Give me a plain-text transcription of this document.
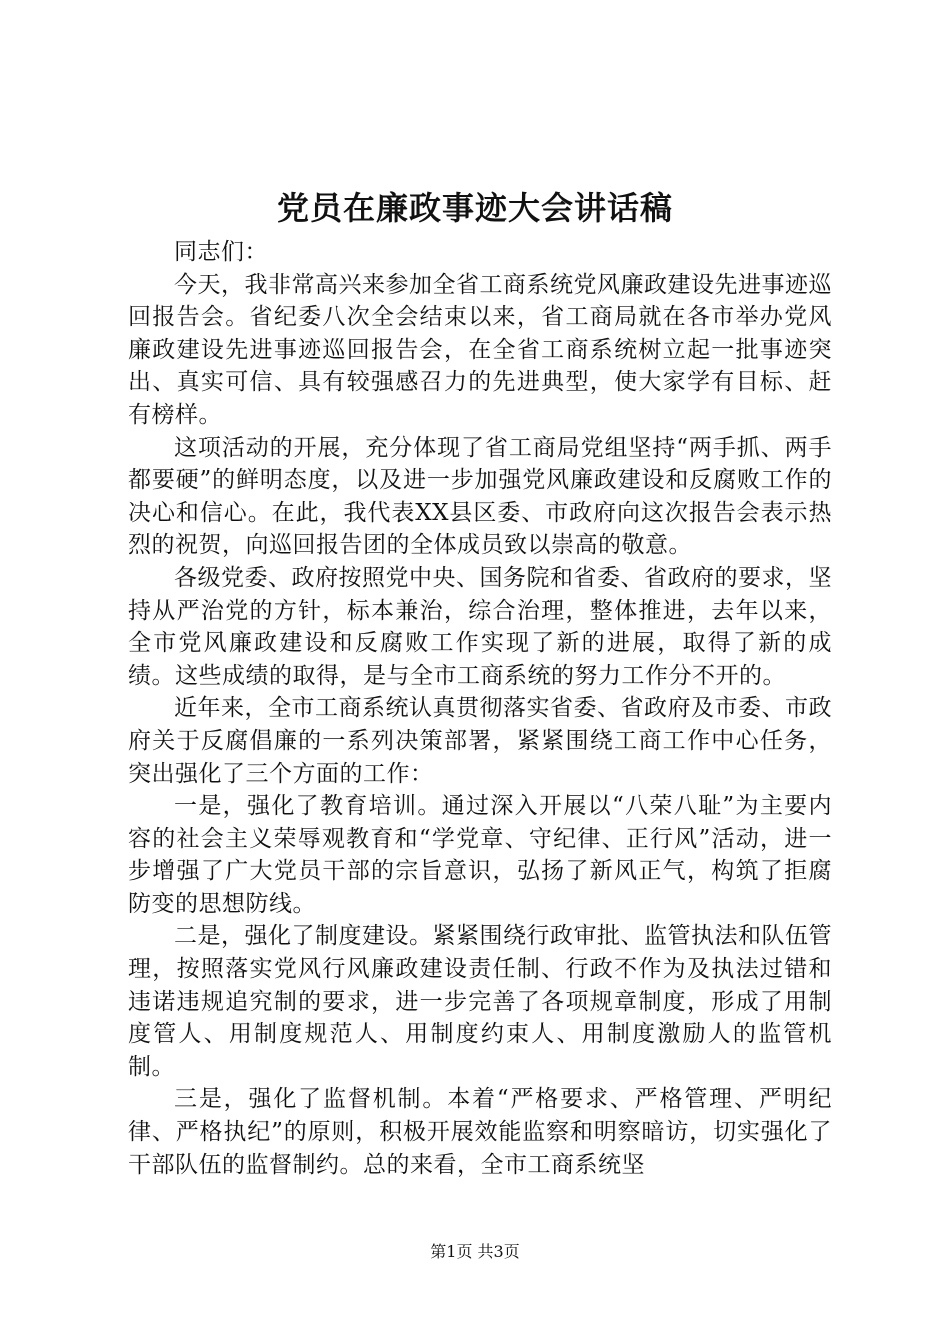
党员在廉政事迹大会讲话稿

同志们：

今天，我非常高兴来参加全省工商系统党风廉政建设先进事迹巡回报告会。省纪委八次全会结束以来，省工商局就在各市举办党风廉政建设先进事迹巡回报告会，在全省工商系统树立起一批事迹突出、真实可信、具有较强感召力的先进典型，使大家学有目标、赶有榜样。

这项活动的开展，充分体现了省工商局党组坚持“两手抓、两手都要硬”的鲜明态度，以及进一步加强党风廉政建设和反腐败工作的决心和信心。在此，我代表XX县区委、市政府向这次报告会表示热烈的祝贺，向巡回报告团的全体成员致以崇高的敬意。

各级党委、政府按照党中央、国务院和省委、省政府的要求，坚持从严治党的方针，标本兼治，综合治理，整体推进，去年以来，全市党风廉政建设和反腐败工作实现了新的进展，取得了新的成绩。这些成绩的取得，是与全市工商系统的努力工作分不开的。

近年来，全市工商系统认真贯彻落实省委、省政府及市委、市政府关于反腐倡廉的一系列决策部署，紧紧围绕工商工作中心任务，突出强化了三个方面的工作：

一是，强化了教育培训。通过深入开展以“八荣八耻”为主要内容的社会主义荣辱观教育和“学党章、守纪律、正行风”活动，进一步增强了广大党员干部的宗旨意识，弘扬了新风正气，构筑了拒腐防变的思想防线。

二是，强化了制度建设。紧紧围绕行政审批、监管执法和队伍管理，按照落实党风行风廉政建设责任制、行政不作为及执法过错和违诺违规追究制的要求，进一步完善了各项规章制度，形成了用制度管人、用制度规范人、用制度约束人、用制度激励人的监管机制。

三是，强化了监督机制。本着“严格要求、严格管理、严明纪律、严格执纪”的原则，积极开展效能监察和明察暗访，切实强化了干部队伍的监督制约。总的来看，全市工商系统坚

第1页 共3页
